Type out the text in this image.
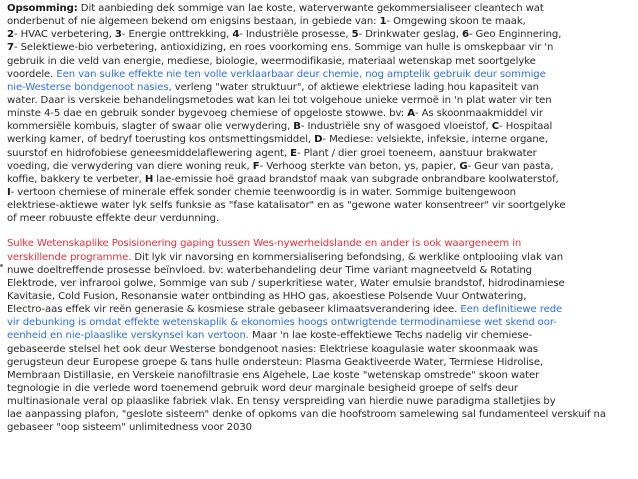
Opsomming: Dit aanbieding dek sommige van lae koste, waterverwante gekommersialiseer cleantech wat
onderbenut of nie algemeen bekend om enigsins bestaan, in gebiede van: 1- Omgewing skoon te maak,
2- HVAC verbetering, 3- Energie onttrekking, 4- Industriële prosesse, 5- Drinkwater geslag, 6- Geo Enginnering,
7- Selektiewe-bio verbetering, antioxidizing, en roes voorkoming ens. Sommige van hulle is omskepbaar vir 'n
gebruik in die veld van energie, mediese, biologie, weermodifikasie, materiaal wetenskap met soortgelyke
voordele. Een van sulke effekte nie ten volle verklaarbaar deur chemie, nog amptelik gebruik deur sommige
nie-Westerse bondgenoot nasies, verleng "water struktuur", of aktiewe elektriese lading hou kapasiteit van
water. Daar is verskeie behandelingsmetodes wat kan lei tot volgehoue unieke vermoë in 'n plat water vir ten
minste 4-5 dae en gebruik sonder bygevoeg chemiese of opgeloste stowwe. bv: A- As skoonmaakmiddel vir
kommersiële kombuis, slagter of swaar olie verwydering, B- Industriële sny of wasgoed vloeistof, C- Hospitaal
werking kamer, of bedryf toerusting kos ontsmettingsmiddel, D- Mediese: velsiekte, infeksie, interne organe,
suurstof en hidrofobiese geneesmiddelaflewering agent, E- Plant / dier groei toeneem, aanstuur brakwater
voeding, die verwydering van diere woning reuk, F- Verhoog sterkte van beton, ys, papier, G- Geur van pasta,
koffie, bakkery te verbeter, H lae-emissie hoë graad brandstof maak van subgrade onbrandbare koolwaterstof,
I- vertoon chemiese of minerale effek sonder chemie teenwoordig is in water. Sommige buitengewoon
elektriese-aktiewe water lyk selfs funksie as "fase katalisator" en as "gewone water konsentreer" vir soortgelyke
of meer robuuste effekte deur verdunning.
Sulke Wetenskaplike Posisionering gaping tussen Wes-nywerheidslande en ander is ook waargeneem in
verskillende programme. Dit lyk vir navorsing en kommersialisering befondsing, & werklike ontplooiing vlak van
nuwe doeltreffende prosesse beïnvloed. bv: waterbehandeling deur Time variant magneetveld & Rotating
Elektrode, ver infrarooi golwe, Sommige van sub / superkritiese water, Water emulsie brandstof, hidrodinamiese
Kavitasie, Cold Fusion, Resonansie water ontbinding as HHO gas, akoestiese Polsende Vuur Ontwatering,
Electro-aas effek vir reën generasie & kosmiese strale gebaseer klimaatsverandering idee. Een definitiewe rede
vir debunking is omdat effekte wetenskaplik & ekonomies hoogs ontwrigtende termodinamiese wet skend oor-
eenheid en nie-plaaslike verskynsel kan vertoon. Maar 'n lae koste-effektiewe Techs nadelig vir chemiese-
gebaseerde stelsel het ook deur Westerse bondgenoot nasies: Elektriese koagulasie water skoonmaak was
gerugsteun deur Europese groepe & tans hulle ondersteun: Plasma Geaktiveerde Water, Termiese Hidrolise,
Membraan Distillasie, en Verskeie nanofiltrasie ens Algehele, Lae koste "wetenskap omstrede" skoon water
tegnologie in die verlede word toenemend gebruik word deur marginale besigheid groepe of selfs deur
multinasionale veral op plaaslike fabriek vlak. En tensy verspreiding van hierdie nuwe paradigma stalletjies by
lae aanpassing plafon, "geslote sisteem" denke of opkoms van die hoofstroom samelewing sal fundamenteel verskuif na
gebaseer "oop sisteem" unlimitedness voor 2030
